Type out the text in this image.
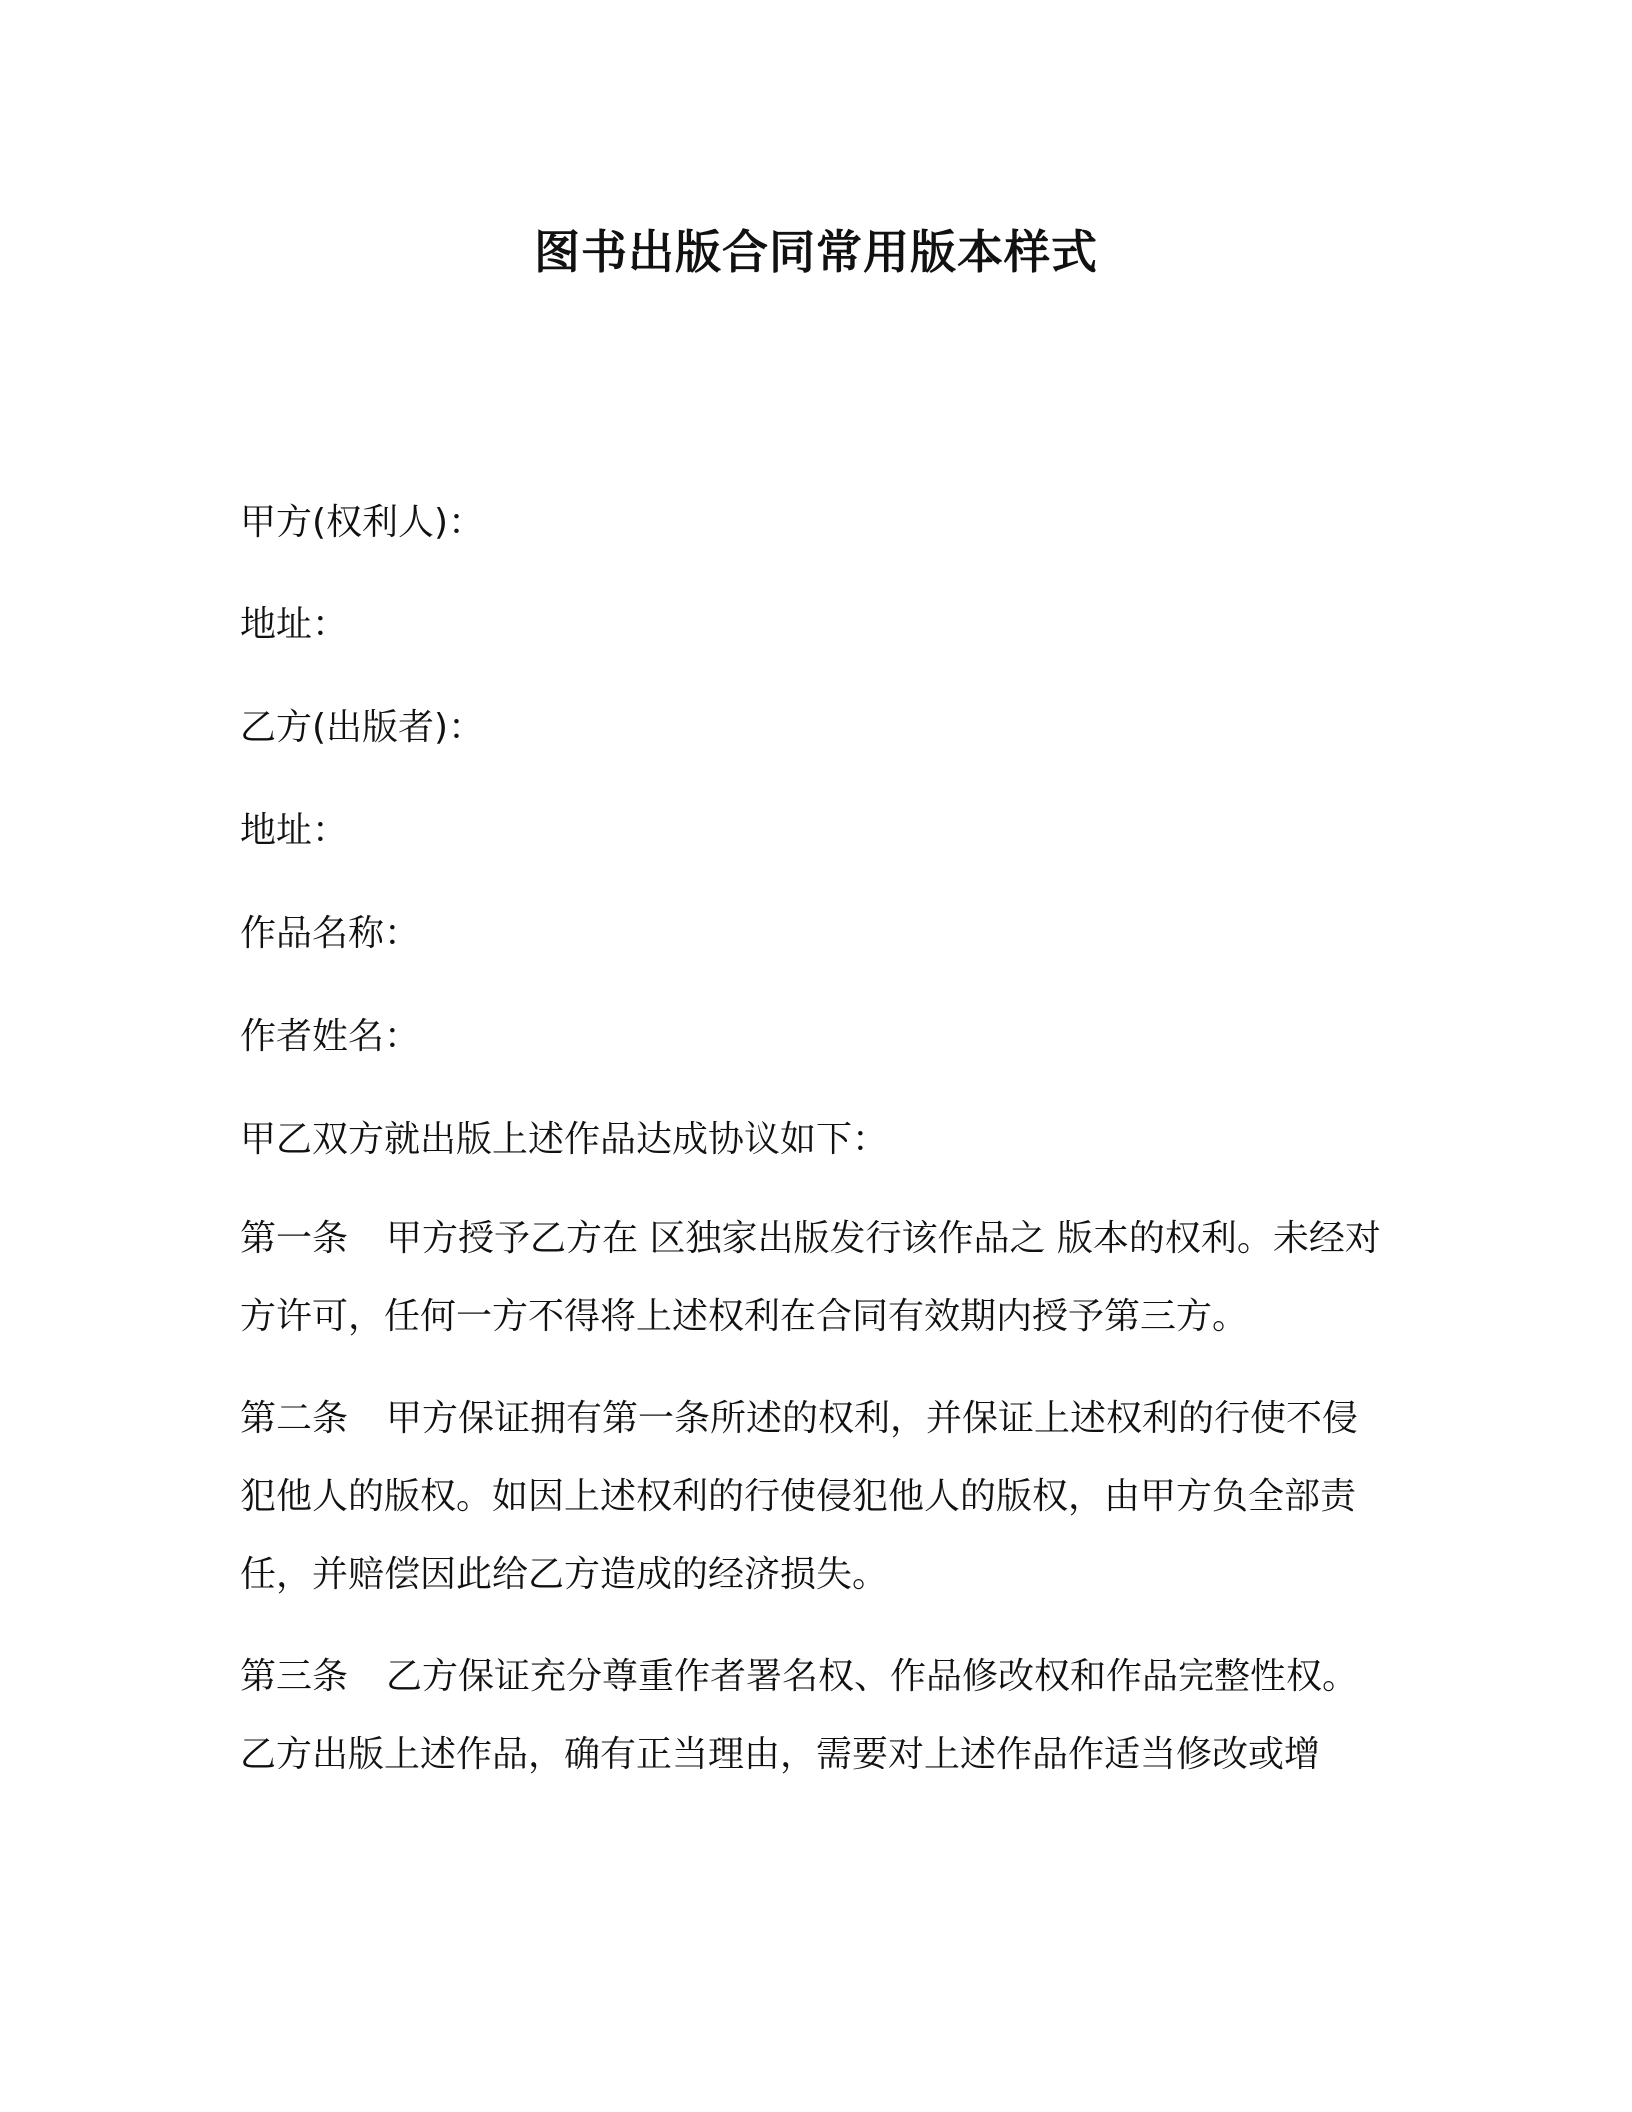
图书出版合同常用版本样式
甲方(权利人)：
地址：
乙方(出版者)：
地址：
作品名称：
作者姓名：
甲乙双方就出版上述作品达成协议如下：
第一条 甲方授予乙方在 区独家出版发行该作品之 版本的权利。未经对方许可，任何一方不得将上述权利在合同有效期内授予第三方。
第二条 甲方保证拥有第一条所述的权利，并保证上述权利的行使不侵犯他人的版权。如因上述权利的行使侵犯他人的版权，由甲方负全部责任，并赔偿因此给乙方造成的经济损失。
第三条 乙方保证充分尊重作者署名权、作品修改权和作品完整性权。乙方出版上述作品，确有正当理由，需要对上述作品作适当修改或增
